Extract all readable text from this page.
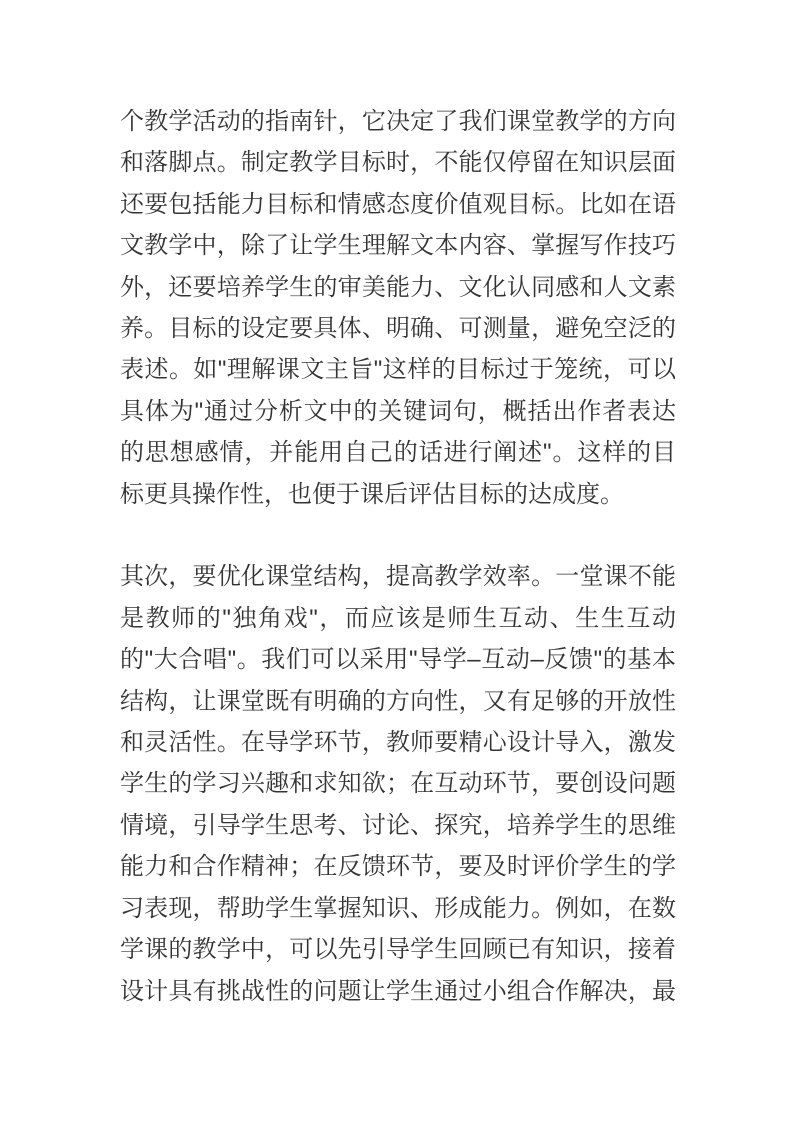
个教学活动的指南针，它决定了我们课堂教学的方向
和落脚点。制定教学目标时，不能仅停留在知识层面
还要包括能力目标和情感态度价值观目标。比如在语
文教学中，除了让学生理解文本内容、掌握写作技巧
外，还要培养学生的审美能力、文化认同感和人文素
养。目标的设定要具体、明确、可测量，避免空泛的
表述。如"理解课文主旨"这样的目标过于笼统，可以
具体为"通过分析文中的关键词句，概括出作者表达
的思想感情，并能用自己的话进行阐述"。这样的目
标更具操作性，也便于课后评估目标的达成度。
其次，要优化课堂结构，提高教学效率。一堂课不能
是教师的"独角戏"，而应该是师生互动、生生互动
的"大合唱"。我们可以采用"导学–互动–反馈"的基本
结构，让课堂既有明确的方向性，又有足够的开放性
和灵活性。在导学环节，教师要精心设计导入，激发
学生的学习兴趣和求知欲；在互动环节，要创设问题
情境，引导学生思考、讨论、探究，培养学生的思维
能力和合作精神；在反馈环节，要及时评价学生的学
习表现，帮助学生掌握知识、形成能力。例如，在数
学课的教学中，可以先引导学生回顾已有知识，接着
设计具有挑战性的问题让学生通过小组合作解决，最
